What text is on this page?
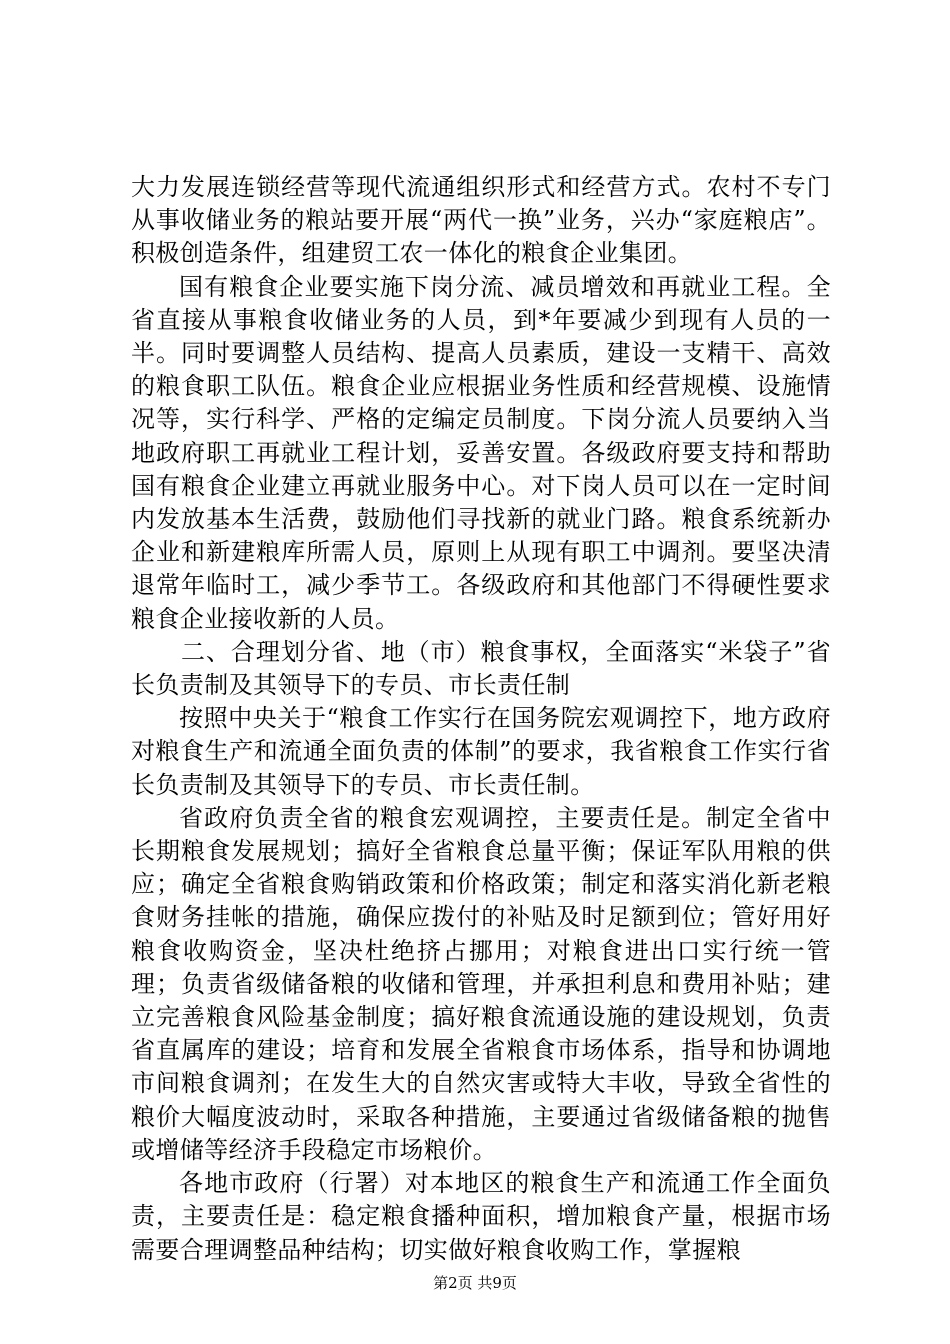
大力发展连锁经营等现代流通组织形式和经营方式。农村不专门从事收储业务的粮站要开展“两代一换”业务，兴办“家庭粮店”。积极创造条件，组建贸工农一体化的粮食企业集团。

国有粮食企业要实施下岗分流、减员增效和再就业工程。全省直接从事粮食收储业务的人员，到*年要减少到现有人员的一半。同时要调整人员结构、提高人员素质，建设一支精干、高效的粮食职工队伍。粮食企业应根据业务性质和经营规模、设施情况等，实行科学、严格的定编定员制度。下岗分流人员要纳入当地政府职工再就业工程计划，妥善安置。各级政府要支持和帮助国有粮食企业建立再就业服务中心。对下岗人员可以在一定时间内发放基本生活费，鼓励他们寻找新的就业门路。粮食系统新办企业和新建粮库所需人员，原则上从现有职工中调剂。要坚决清退常年临时工，减少季节工。各级政府和其他部门不得硬性要求粮食企业接收新的人员。

二、合理划分省、地（市）粮食事权，全面落实“米袋子”省长负责制及其领导下的专员、市长责任制

按照中央关于“粮食工作实行在国务院宏观调控下，地方政府对粮食生产和流通全面负责的体制”的要求，我省粮食工作实行省长负责制及其领导下的专员、市长责任制。

省政府负责全省的粮食宏观调控，主要责任是。制定全省中长期粮食发展规划；搞好全省粮食总量平衡；保证军队用粮的供应；确定全省粮食购销政策和价格政策；制定和落实消化新老粮食财务挂帐的措施，确保应拨付的补贴及时足额到位；管好用好粮食收购资金，坚决杜绝挤占挪用；对粮食进出口实行统一管理；负责省级储备粮的收储和管理，并承担利息和费用补贴；建立完善粮食风险基金制度；搞好粮食流通设施的建设规划，负责省直属库的建设；培育和发展全省粮食市场体系，指导和协调地市间粮食调剂；在发生大的自然灾害或特大丰收，导致全省性的粮价大幅度波动时，采取各种措施，主要通过省级储备粮的抛售或增储等经济手段稳定市场粮价。

各地市政府（行署）对本地区的粮食生产和流通工作全面负责，主要责任是：稳定粮食播种面积，增加粮食产量，根据市场需要合理调整品种结构；切实做好粮食收购工作，掌握粮

第2页 共9页
